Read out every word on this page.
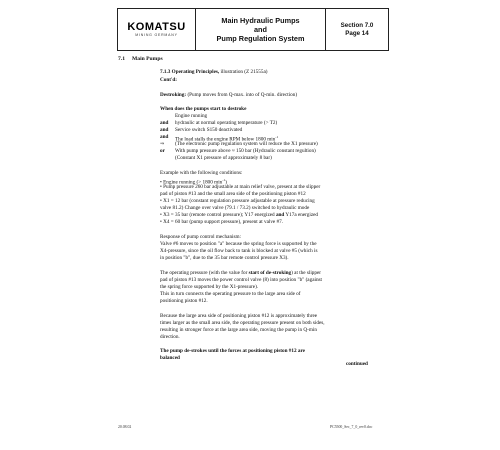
KOMATSU
MINING GERMANY
Main Hydraulic Pumps
and
Pump Regulation System
Section 7.0
Page 14
7.1 Main Pumps
7.1.3 Operating Principles, illustration (Z 21555a)
Cont'd:
Destroking: (Pump moves from Q-max. into of Q-min. direction)
When does the pumps start to destroke
Engine running
and hydraulic at normal operating temperature (> T2)
and Service switch S150 deactivated
and The load stalls the engine RPM below 1800 $\min^{-1}$
⇒ (The electronic pump regulation system will reduce the X1 pressure)
or With pump pressure above ≈ 150 bar (Hydraulic constant regultion)
(Constant X1 pressure of approximately 8 bar)
Example with the following conditions:
• Engine running (> 1800 $\min^{-1}$)
• Pump pressure 260 bar adjustable at main relief valve, present at the slipper
pad of piston #13 and the small area side of the positioning piston #12
• X1 = 12 bar (constant regulation pressure adjustable at pressure reducing
valve 81.2) Change over valve (79.1 / 73.2) switched to hydraulic mode
• X3 = 35 bar (remote control pressure); Y17 energized and Y17a energized
• X4 = 60 bar (pump support pressure), present at valve #7.
Response of pump control mechanism:
Valve #6 moves to position "a" because the spring force is supported by the
X4-pressure, since the oil flow back to tank is blocked at valve #5 (which is
in position "b", due to the 35 bar remote control pressure X3).
The operating pressure (with the value for start of de-stroking) at the slipper
pad of piston #13 moves the power control valve (8) into position "b" (against
the spring force supported by the X1-pressure).
This in turn connects the operating pressure to the large area side of
positioning piston #12.
Because the large area side of positioning piston #12 is approximately three
times larger as the small area side, the operating pressure present on both sides,
resulting in stronger force at the large area side, moving the pump in Q-min
direction.
The pump de-strokes until the forces at positioning piston #12 are
balanced
continued
20.08.02	PC5500_Sec_7_0_rev0.doc
